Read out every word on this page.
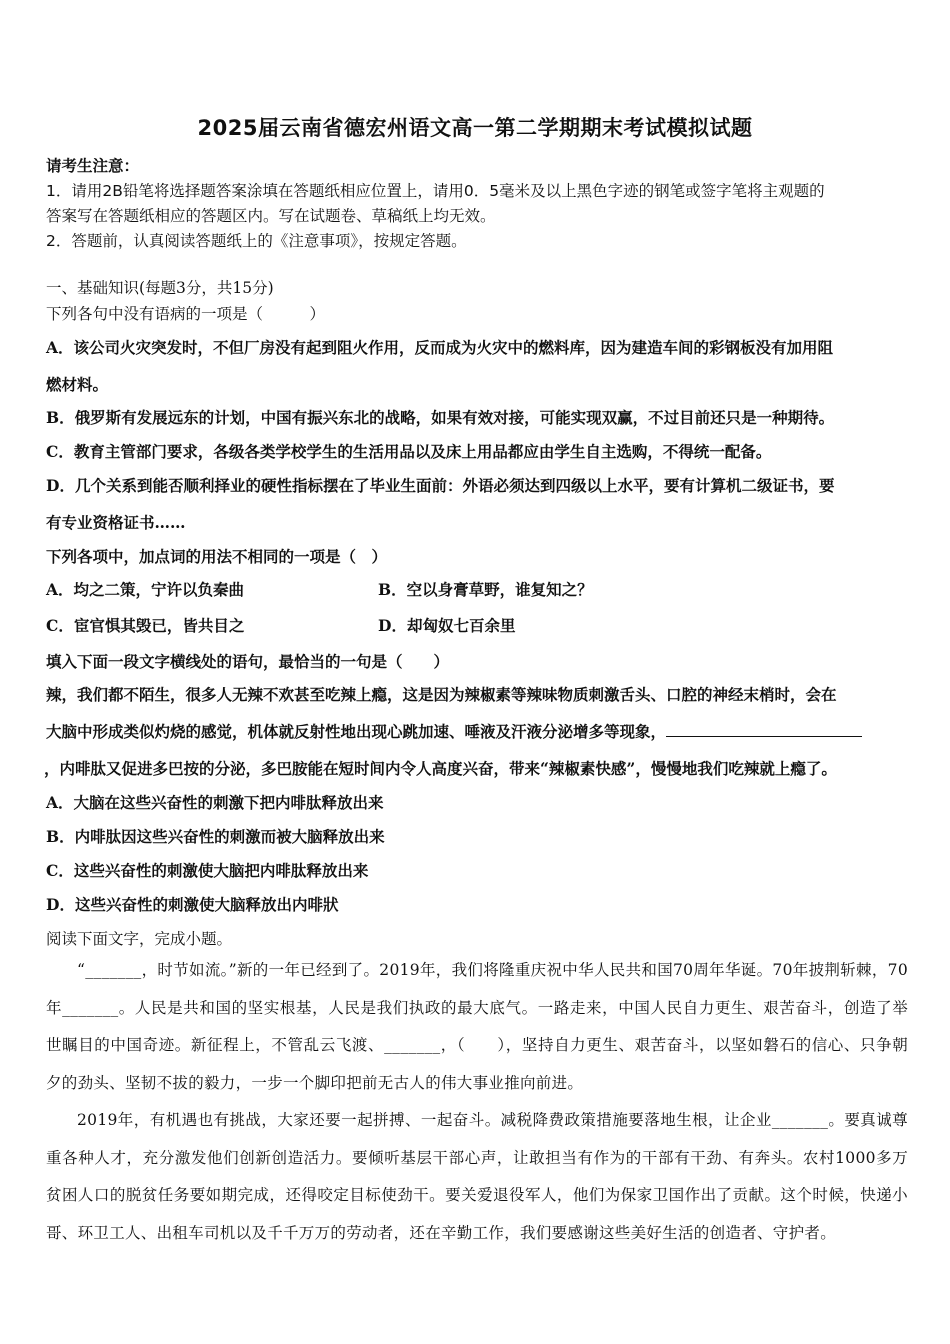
2025届云南省德宏州语文高一第二学期期末考试模拟试题
请考生注意：
1．请用2B铅笔将选择题答案涂填在答题纸相应位置上，请用0．5毫米及以上黑色字迹的钢笔或签字笔将主观题的
答案写在答题纸相应的答题区内。写在试题卷、草稿纸上均无效。
2．答题前，认真阅读答题纸上的《注意事项》，按规定答题。
一、基础知识(每题3分，共15分)
下列各句中没有语病的一项是（　　　）
A．该公司火灾突发时，不但厂房没有起到阻火作用，反而成为火灾中的燃料库，因为建造车间的彩钢板没有加用阻
燃材料。
B．俄罗斯有发展远东的计划，中国有振兴东北的战略，如果有效对接，可能实现双赢，不过目前还只是一种期待。
C．教育主管部门要求，各级各类学校学生的生活用品以及床上用品都应由学生自主选购，不得统一配备。
D．几个关系到能否顺利择业的硬性指标摆在了毕业生面前：外语必须达到四级以上水平，要有计算机二级证书，要
有专业资格证书……
下列各项中，加点词的用法不相同的一项是（　）
A．均之二策，宁许以负秦曲	B．空以身膏草野，谁复知之？
C．宦官惧其毁已，皆共目之	D．却匈奴七百余里
填入下面一段文字横线处的语句，最恰当的一句是（　　）
辣，我们都不陌生，很多人无辣不欢甚至吃辣上瘾，这是因为辣椒素等辣味物质刺激舌头、口腔的神经末梢时，会在
大脑中形成类似灼烧的感觉，机体就反射性地出现心跳加速、唾液及汗液分泌增多等现象，
，内啡肽又促进多巴按的分泌，多巴胺能在短时间内令人高度兴奋，带来“辣椒素快感”，慢慢地我们吃辣就上瘾了。
A．大脑在这些兴奋性的刺激下把内啡肽释放出来
B．内啡肽因这些兴奋性的刺激而被大脑释放出来
C．这些兴奋性的刺激使大脑把内啡肽释放出来
D．这些兴奋性的刺激使大脑释放出内啡狀
阅读下面文字，完成小题。

“_______，时节如流。”新的一年已经到了。2019年，我们将隆重庆祝中华人民共和国70周年华诞。70年披荆斩棘，70年_______。人民是共和国的坚实根基，人民是我们执政的最大底气。一路走来，中国人民自力更生、艰苦奋斗，创造了举世瞩目的中国奇迹。新征程上，不管乱云飞渡、_______，（　　），坚持自力更生、艰苦奋斗，以坚如磐石的信心、只争朝夕的劲头、坚韧不拔的毅力，一步一个脚印把前无古人的伟大事业推向前进。

2019年，有机遇也有挑战，大家还要一起拼搏、一起奋斗。减税降费政策措施要落地生根，让企业_______。要真诚尊重各种人才，充分激发他们创新创造活力。要倾听基层干部心声，让敢担当有作为的干部有干劲、有奔头。农村1000多万贫困人口的脱贫任务要如期完成，还得咬定目标使劲干。要关爱退役军人，他们为保家卫国作出了贡献。这个时候，快递小哥、环卫工人、出租车司机以及千千万万的劳动者，还在辛勤工作，我们要感谢这些美好生活的创造者、守护者。
